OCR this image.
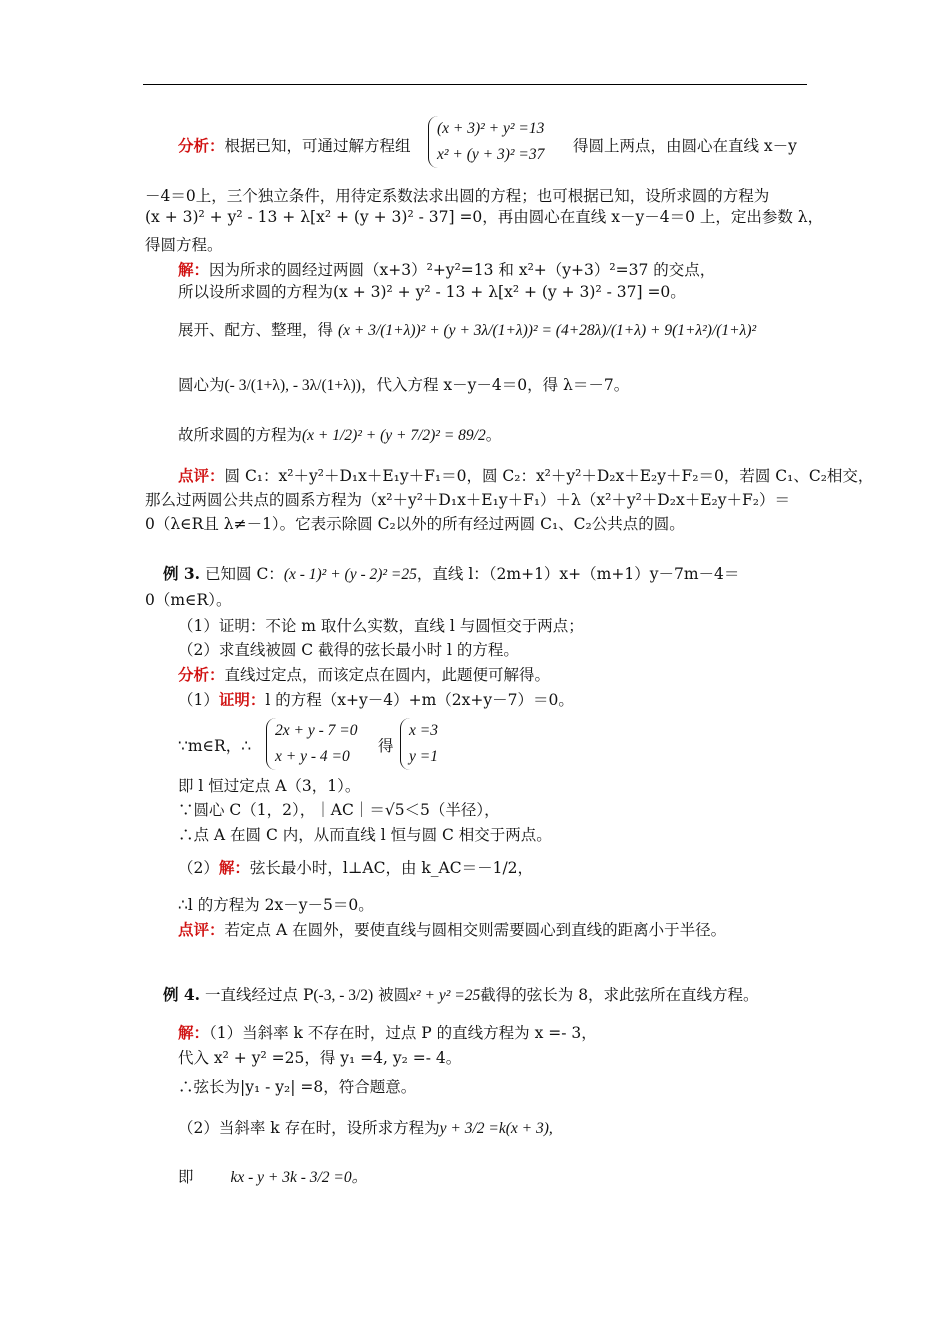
分析：根据已知，可通过解方程组
(x + 3)² + y² =13
x² + (y + 3)² =37	得圆上两点，由圆心在直线 x－y
－4＝0上，三个独立条件，用待定系数法求出圆的方程；也可根据已知，设所求圆的方程为
(x + 3)² + y² - 13 + λ[x² + (y + 3)² - 37] =0，再由圆心在直线 x－y－4＝0 上，定出参数 λ，
得圆方程。
解：因为所求的圆经过两圆（x+3）²+y²=13 和 x²+（y+3）²=37 的交点，
所以设所求圆的方程为(x + 3)² + y² - 13 + λ[x² + (y + 3)² - 37] =0。
展开、配方、整理，得 (x + 3/(1+λ))² + (y + 3λ/(1+λ))² = (4+28λ)/(1+λ) + 9(1+λ²)/(1+λ)²
圆心为(- 3/(1+λ), - 3λ/(1+λ))，代入方程 x－y－4＝0，得 λ＝－7。
故所求圆的方程为(x + 1/2)² + (y + 7/2)² = 89/2。
点评：圆 C₁：x²＋y²＋D₁x＋E₁y＋F₁＝0，圆 C₂：x²＋y²＋D₂x＋E₂y＋F₂＝0，若圆 C₁、C₂相交，
那么过两圆公共点的圆系方程为（x²＋y²＋D₁x＋E₁y＋F₁）＋λ（x²＋y²＋D₂x＋E₂y＋F₂）＝
0（λ∈R且 λ≠－1）。它表示除圆 C₂以外的所有经过两圆 C₁、C₂公共点的圆。
例 3. 已知圆 C：(x - 1)² + (y - 2)² =25，直线 l：（2m+1）x+（m+1）y－7m－4＝
0（m∈R）。
（1）证明：不论 m 取什么实数，直线 l 与圆恒交于两点；
（2）求直线被圆 C 截得的弦长最小时 l 的方程。
分析：直线过定点，而该定点在圆内，此题便可解得。
（1）证明：l 的方程（x+y－4）+m（2x+y－7）＝0。
∵m∈R，∴
2x + y - 7 =0
x + y - 4 =0
得
x =3
y =1
即 l 恒过定点 A（3，1）。
∵圆心 C（1，2），｜AC｜＝√5＜5（半径），
∴点 A 在圆 C 内，从而直线 l 恒与圆 C 相交于两点。
（2）解：弦长最小时，l⊥AC，由 k_AC＝－1/2，
∴l 的方程为 2x－y－5＝0。
点评：若定点 A 在圆外，要使直线与圆相交则需要圆心到直线的距离小于半径。
例 4. 一直线经过点 P(-3, - 3/2) 被圆x² + y² =25截得的弦长为 8，求此弦所在直线方程。
解：（1）当斜率 k 不存在时，过点 P 的直线方程为 x =- 3，
代入 x² + y² =25，得 y₁ =4, y₂ =- 4。
∴弦长为|y₁ - y₂| =8，符合题意。
（2）当斜率 k 存在时，设所求方程为y + 3/2 =k(x + 3),
即 kx - y + 3k - 3/2 =0。
